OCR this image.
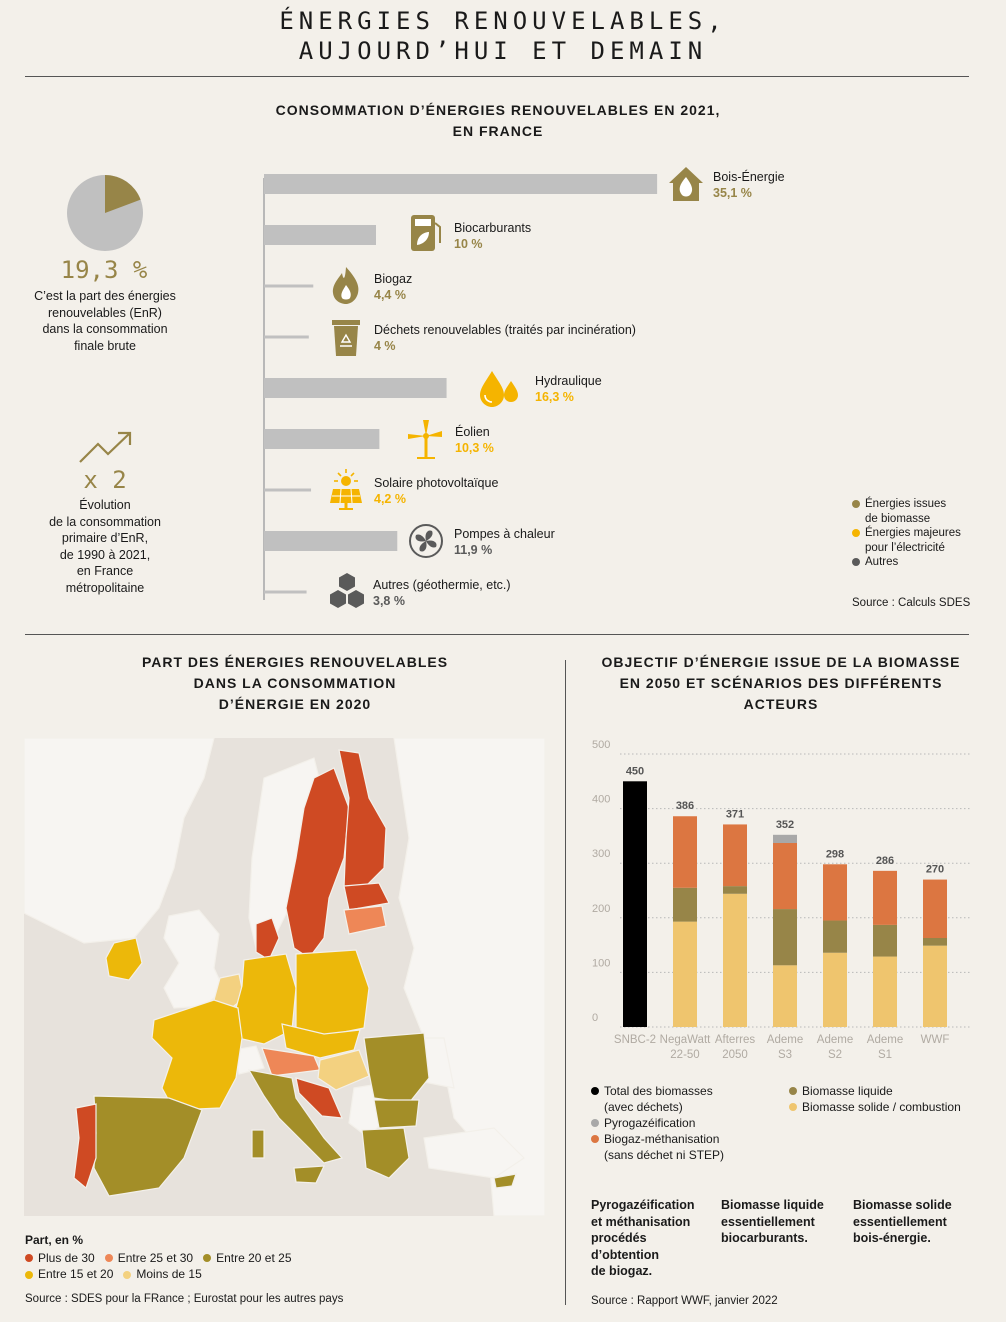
ÉNERGIES RENOUVELABLES,
AUJOURD’HUI ET DEMAIN
CONSOMMATION D’ÉNERGIES RENOUVELABLES EN 2021,
EN FRANCE
19,3 %
C’est la part des énergies
renouvelables (EnR)
dans la consommation
finale brute
x 2
Évolution
de la consommation
primaire d’EnR,
de 1990 à 2021,
en France
métropolitaine
Bois-Énergie
35,1 %
Biocarburants
10 %
Biogaz
4,4 %
Déchets renouvelables (traités par incinération)
4 %
Hydraulique
16,3 %
Éolien
10,3 %
Solaire photovoltaïque
4,2 %
Pompes à chaleur
11,9 %
Autres (géothermie, etc.)
3,8 %
Énergies issues
de biomasse
Énergies majeures
pour l’électricité
Autres
Source : Calculs SDES
PART DES ÉNERGIES RENOUVELABLES
DANS LA CONSOMMATION
D’ÉNERGIE EN 2020
Part, en %
Plus de 30	Entre 25 et 30	Entre 20 et 25
Entre 15 et 20	Moins de 15
Source : SDES pour la FRance ; Eurostat pour les autres pays
OBJECTIF D’ÉNERGIE ISSUE DE LA BIOMASSE
EN 2050 ET SCÉNARIOS DES DIFFÉRENTS
ACTEURS
0
100
200
300
400
500
450
SNBC-2
386
NegaWatt
22-50
371
Afterres
2050
352
Ademe
S3
298
Ademe
S2
286
Ademe
S1
270
WWF
Total des biomasses
(avec déchets)
Pyrogazéification
Biogaz-méthanisation
(sans déchet ni STEP)
Biomasse liquide
Biomasse solide / combustion
Pyrogazéification
et méthanisation
procédés
d’obtention
de biogaz.
Biomasse liquide
essentiellement
biocarburants.
Biomasse solide
essentiellement
bois-énergie.
Source : Rapport WWF, janvier 2022
